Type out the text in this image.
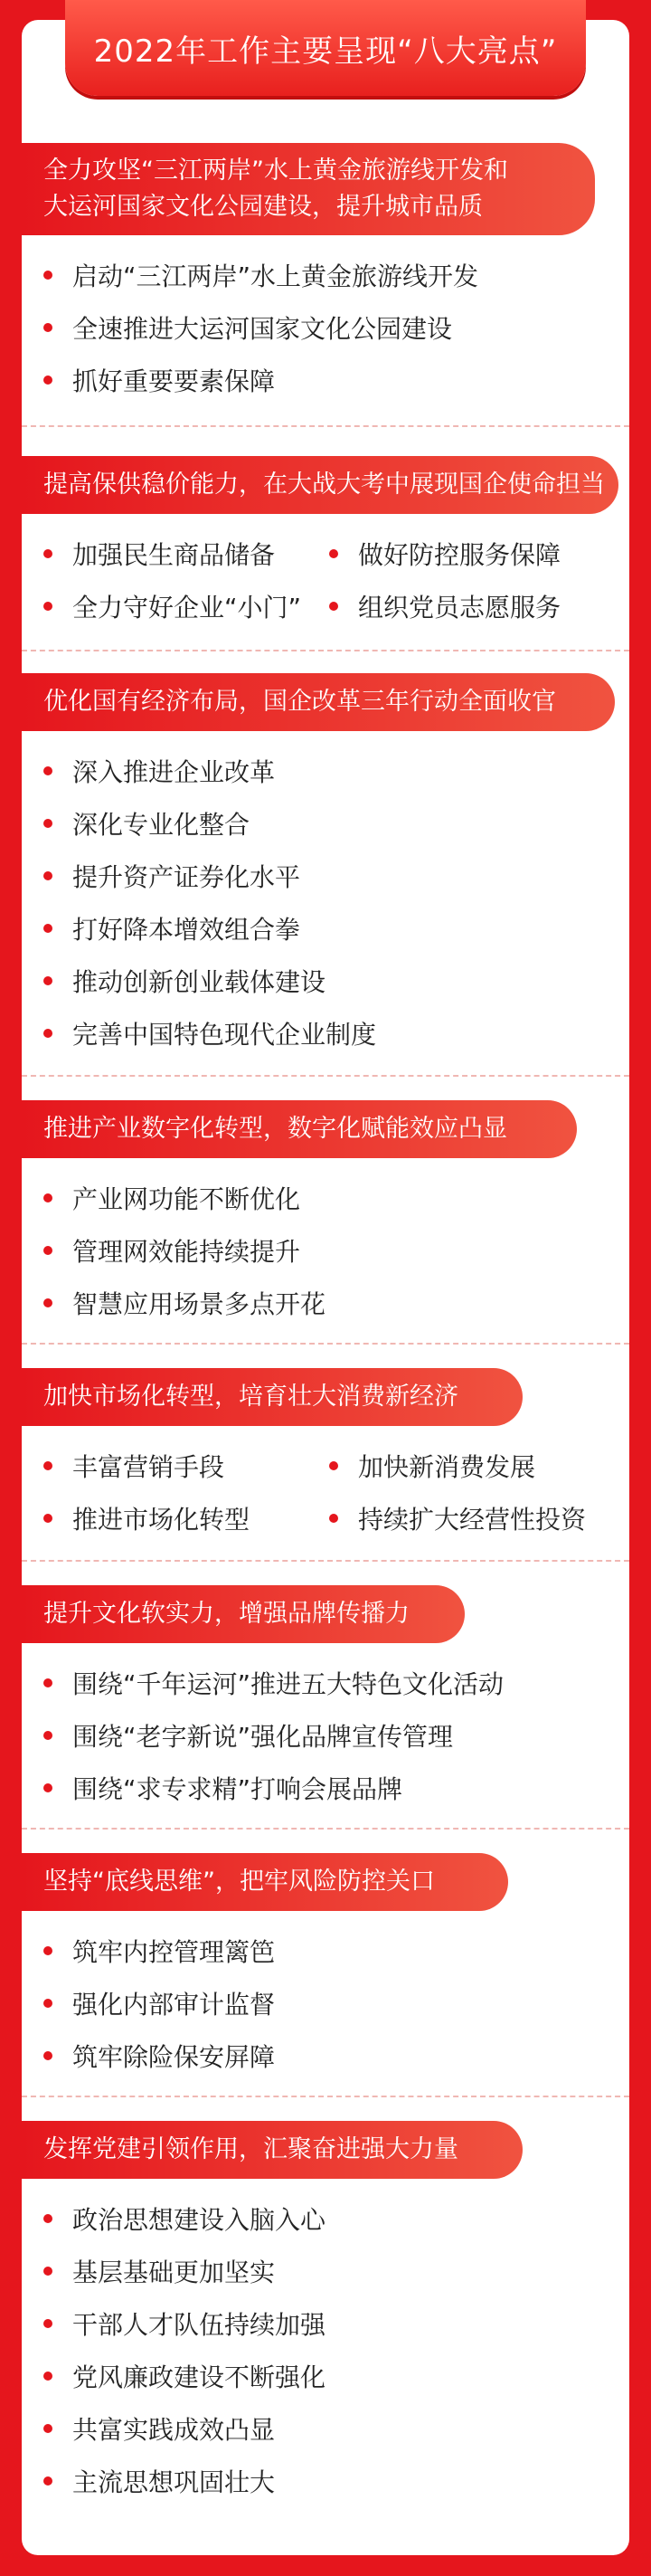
2022年工作主要呈现“八大亮点”
全力攻坚“三江两岸”水上黄金旅游线开发和
大运河国家文化公园建设，提升城市品质
启动“三江两岸”水上黄金旅游线开发
全速推进大运河国家文化公园建设
抓好重要要素保障
提高保供稳价能力，在大战大考中展现国企使命担当
加强民生商品储备	做好防控服务保障
全力守好企业“小门” 组织党员志愿服务
优化国有经济布局，国企改革三年行动全面收官
深入推进企业改革
深化专业化整合
提升资产证券化水平
打好降本增效组合拳
推动创新创业载体建设
完善中国特色现代企业制度
推进产业数字化转型，数字化赋能效应凸显
产业网功能不断优化
管理网效能持续提升
智慧应用场景多点开花
加快市场化转型，培育壮大消费新经济
丰富营销手段	加快新消费发展
推进市场化转型	持续扩大经营性投资
提升文化软实力，增强品牌传播力
围绕“千年运河”推进五大特色文化活动
围绕“老字新说”强化品牌宣传管理
围绕“求专求精”打响会展品牌
坚持“底线思维”，把牢风险防控关口
筑牢内控管理篱笆
强化内部审计监督
筑牢除险保安屏障
发挥党建引领作用，汇聚奋进强大力量
政治思想建设入脑入心
基层基础更加坚实
干部人才队伍持续加强
党风廉政建设不断强化
共富实践成效凸显
主流思想巩固壮大
